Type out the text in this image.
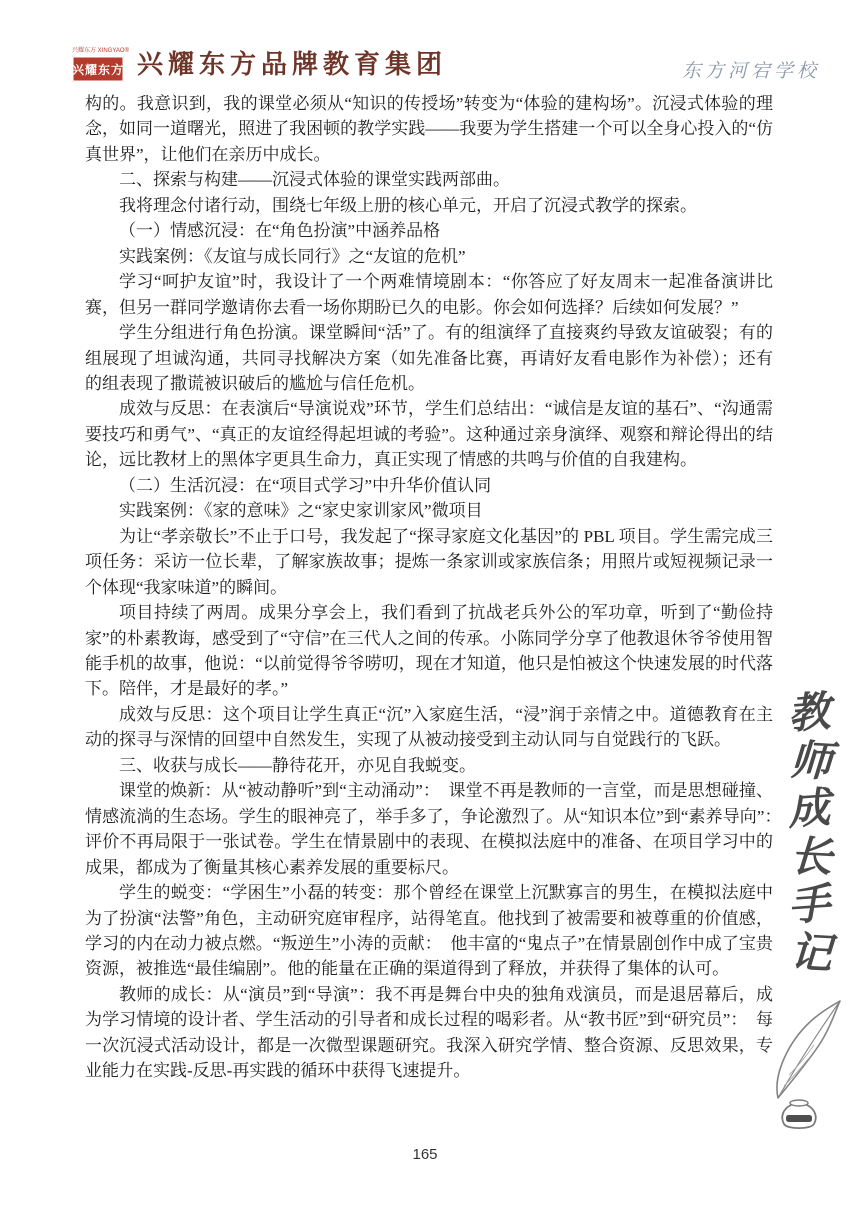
兴耀东方 XINGYAO®
兴耀东方 兴耀东方品牌教育集团	东方河宕学校

构的。我意识到，我的课堂必须从“知识的传授场”转变为“体验的建构场”。沉浸式体验的理念，如同一道曙光，照进了我困顿的教学实践——我要为学生搭建一个可以全身心投入的“仿真世界”，让他们在亲历中成长。

二、探索与构建——沉浸式体验的课堂实践两部曲。

我将理念付诸行动，围绕七年级上册的核心单元，开启了沉浸式教学的探索。

（一）情感沉浸：在“角色扮演”中涵养品格

实践案例：《友谊与成长同行》之“友谊的危机”

学习“呵护友谊”时，我设计了一个两难情境剧本：“你答应了好友周末一起准备演讲比赛，但另一群同学邀请你去看一场你期盼已久的电影。你会如何选择？后续如何发展？”

学生分组进行角色扮演。课堂瞬间“活”了。有的组演绎了直接爽约导致友谊破裂；有的组展现了坦诚沟通，共同寻找解决方案（如先准备比赛，再请好友看电影作为补偿）；还有的组表现了撒谎被识破后的尴尬与信任危机。

成效与反思：在表演后“导演说戏”环节，学生们总结出：“诚信是友谊的基石”、“沟通需要技巧和勇气”、“真正的友谊经得起坦诚的考验”。这种通过亲身演绎、观察和辩论得出的结论，远比教材上的黑体字更具生命力，真正实现了情感的共鸣与价值的自我建构。

（二）生活沉浸：在“项目式学习”中升华价值认同

实践案例：《家的意味》之“家史家训家风”微项目

为让“孝亲敬长”不止于口号，我发起了“探寻家庭文化基因”的 PBL 项目。学生需完成三项任务：采访一位长辈，了解家族故事；提炼一条家训或家族信条；用照片或短视频记录一个体现“我家味道”的瞬间。

项目持续了两周。成果分享会上，我们看到了抗战老兵外公的军功章，听到了“勤俭持家”的朴素教诲，感受到了“守信”在三代人之间的传承。小陈同学分享了他教退休爷爷使用智能手机的故事，他说：“以前觉得爷爷唠叨，现在才知道，他只是怕被这个快速发展的时代落下。陪伴，才是最好的孝。”

成效与反思：这个项目让学生真正“沉”入家庭生活，“浸”润于亲情之中。道德教育在主动的探寻与深情的回望中自然发生，实现了从被动接受到主动认同与自觉践行的飞跃。

三、收获与成长——静待花开，亦见自我蜕变。

课堂的焕新：从“被动静听”到“主动涌动”：　课堂不再是教师的一言堂，而是思想碰撞、情感流淌的生态场。学生的眼神亮了，举手多了，争论激烈了。从“知识本位”到“素养导向”：　评价不再局限于一张试卷。学生在情景剧中的表现、在模拟法庭中的准备、在项目学习中的成果，都成为了衡量其核心素养发展的重要标尺。

学生的蜕变：“学困生”小磊的转变：那个曾经在课堂上沉默寡言的男生，在模拟法庭中为了扮演“法警”角色，主动研究庭审程序，站得笔直。他找到了被需要和被尊重的价值感，学习的内在动力被点燃。“叛逆生”小涛的贡献：　他丰富的“鬼点子”在情景剧创作中成了宝贵资源，被推选“最佳编剧”。他的能量在正确的渠道得到了释放，并获得了集体的认可。

教师的成长：从“演员”到“导演”：我不再是舞台中央的独角戏演员，而是退居幕后，成为学习情境的设计者、学生活动的引导者和成长过程的喝彩者。从“教书匠”到“研究员”：　每一次沉浸式活动设计，都是一次微型课题研究。我深入研究学情、整合资源、反思效果，专业能力在实践-反思-再实践的循环中获得飞速提升。

教
师
成
长
手
记
165
